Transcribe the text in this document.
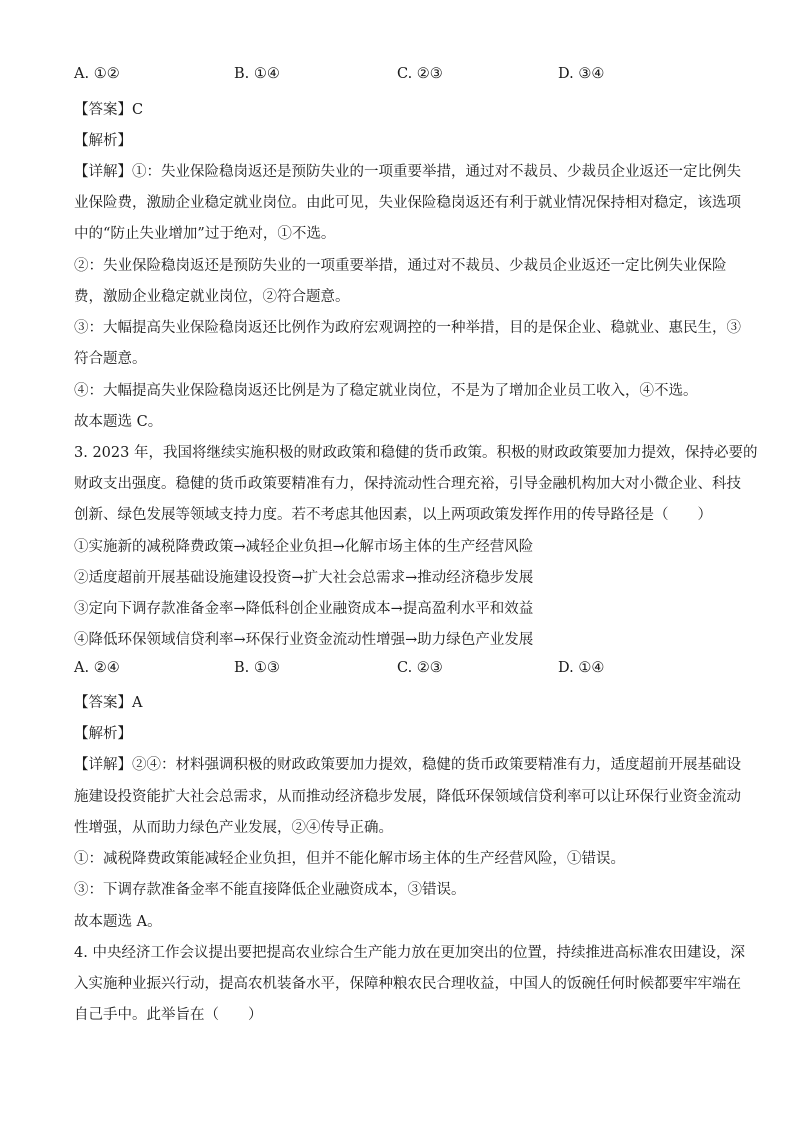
A. ①②	B. ①④	C. ②③	D. ③④
【答案】C
【解析】
【详解】①：失业保险稳岗返还是预防失业的一项重要举措，通过对不裁员、少裁员企业返还一定比例失
业保险费，激励企业稳定就业岗位。由此可见，失业保险稳岗返还有利于就业情况保持相对稳定，该选项
中的“防止失业增加”过于绝对，①不选。
②：失业保险稳岗返还是预防失业的一项重要举措，通过对不裁员、少裁员企业返还一定比例失业保险
费，激励企业稳定就业岗位，②符合题意。
③：大幅提高失业保险稳岗返还比例作为政府宏观调控的一种举措，目的是保企业、稳就业、惠民生，③
符合题意。
④：大幅提高失业保险稳岗返还比例是为了稳定就业岗位，不是为了增加企业员工收入，④不选。
故本题选 C。
3. 2023 年，我国将继续实施积极的财政政策和稳健的货币政策。积极的财政政策要加力提效，保持必要的
财政支出强度。稳健的货币政策要精准有力，保持流动性合理充裕，引导金融机构加大对小微企业、科技
创新、绿色发展等领域支持力度。若不考虑其他因素，以上两项政策发挥作用的传导路径是（　　）
①实施新的减税降费政策→减轻企业负担→化解市场主体的生产经营风险
②适度超前开展基础设施建设投资→扩大社会总需求→推动经济稳步发展
③定向下调存款准备金率→降低科创企业融资成本→提高盈利水平和效益
④降低环保领域信贷利率→环保行业资金流动性增强→助力绿色产业发展
A. ②④	B. ①③	C. ②③	D. ①④
【答案】A
【解析】
【详解】②④：材料强调积极的财政政策要加力提效，稳健的货币政策要精准有力，适度超前开展基础设
施建设投资能扩大社会总需求，从而推动经济稳步发展，降低环保领域信贷利率可以让环保行业资金流动
性增强，从而助力绿色产业发展，②④传导正确。
①：减税降费政策能减轻企业负担，但并不能化解市场主体的生产经营风险，①错误。
③：下调存款准备金率不能直接降低企业融资成本，③错误。
故本题选 A。
4. 中央经济工作会议提出要把提高农业综合生产能力放在更加突出的位置，持续推进高标准农田建设，深
入实施种业振兴行动，提高农机装备水平，保障种粮农民合理收益，中国人的饭碗任何时候都要牢牢端在
自己手中。此举旨在（　　）
